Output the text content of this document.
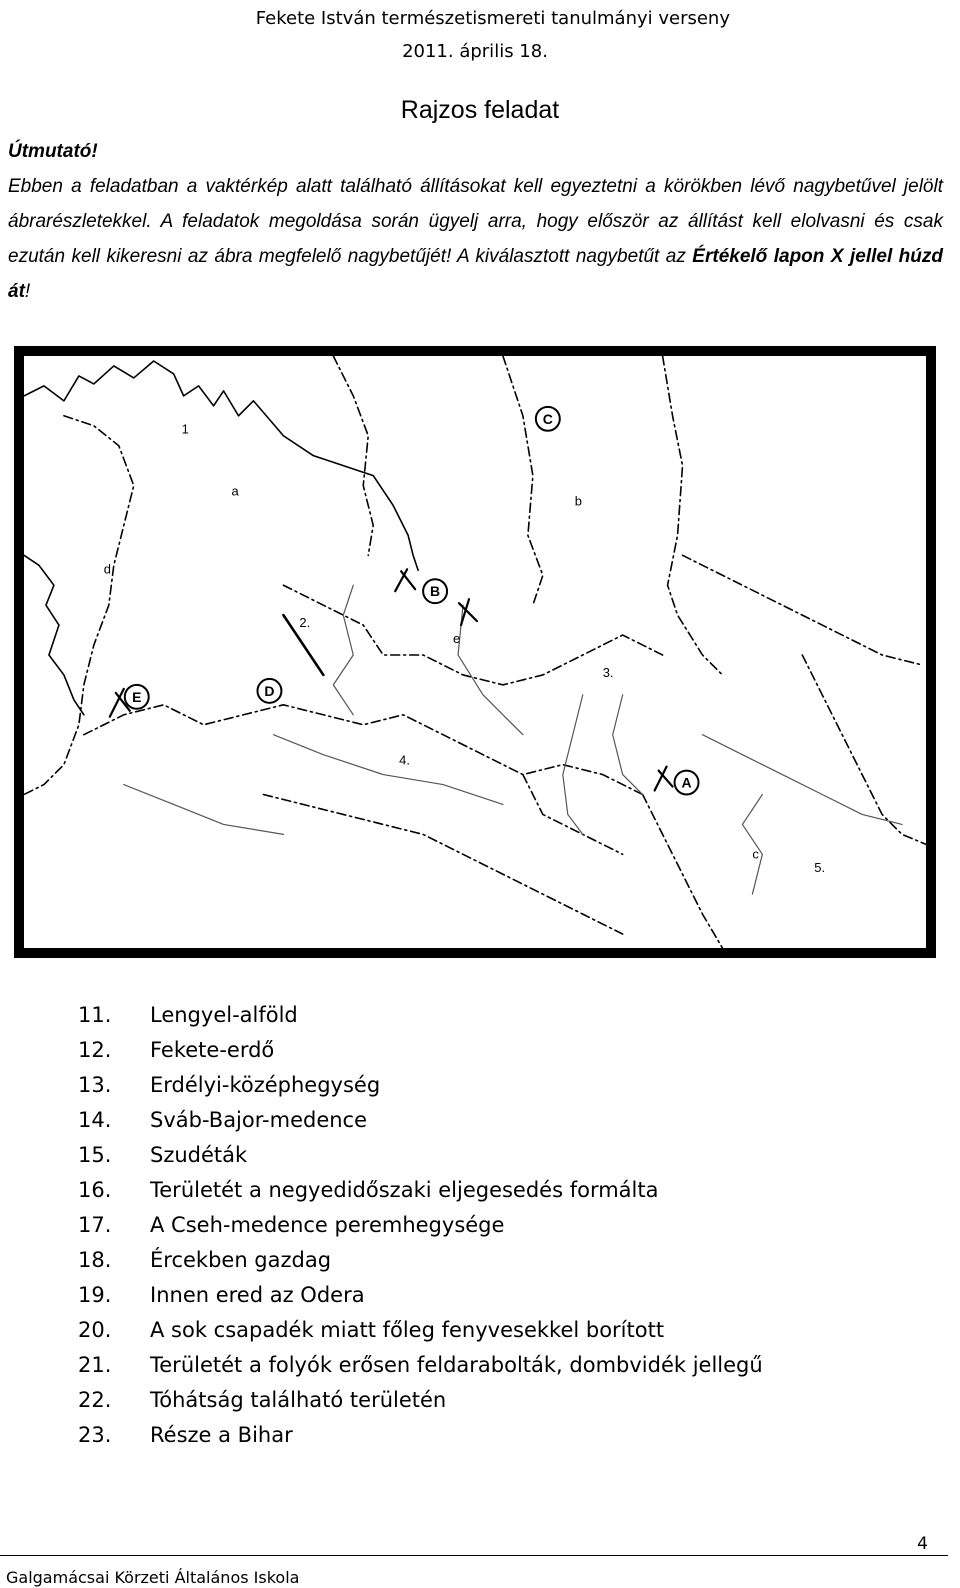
Fekete István természetismereti tanulmányi verseny
2011. április 18.
Rajzos feladat
Útmutató!
Ebben a feladatban a vaktérkép alatt található állításokat kell egyeztetni a körökben lévő nagybetűvel jelölt ábrarészletekkel. A feladatok megoldása során ügyelj arra, hogy először az állítást kell elolvasni és csak ezután kell kikeresni az ábra megfelelő nagybetűjét! A kiválasztott nagybetűt az Értékelő lapon X jellel húzd át!
A
B
C
D
E
1
2.
3.
4.
5.
a
b
c
d
e
11.	Lengyel-alföld
12.	Fekete-erdő
13.	Erdélyi-középhegység
14.	Sváb-Bajor-medence
15.	Szudéták
16.	Területét a negyedidőszaki eljegesedés formálta
17.	A Cseh-medence peremhegysége
18.	Ércekben gazdag
19.	Innen ered az Odera
20.	A sok csapadék miatt főleg fenyvesekkel borított
21.	Területét a folyók erősen feldarabolták, dombvidék jellegű
22.	Tóhátság található területén
23.	Része a Bihar
4
Galgamácsai Körzeti Általános Iskola
